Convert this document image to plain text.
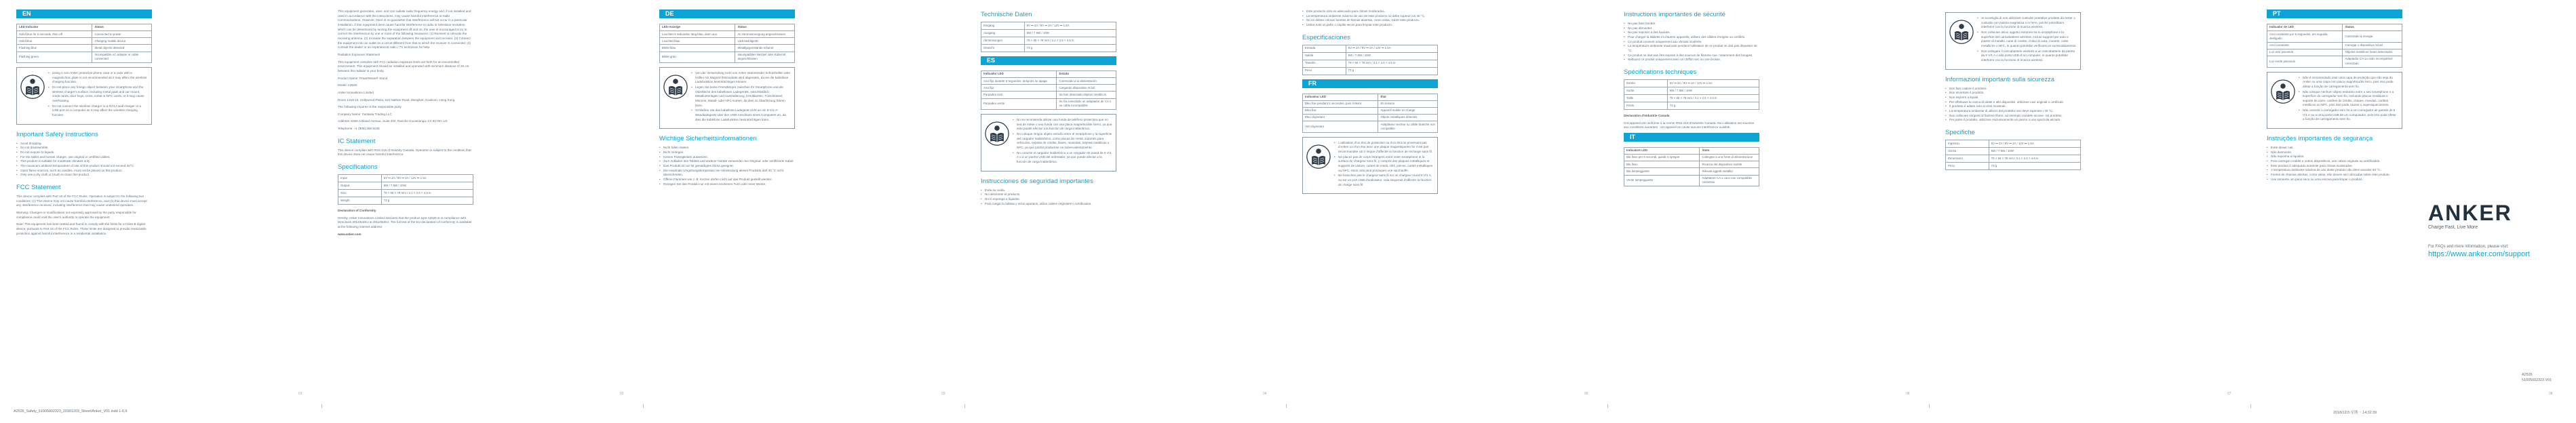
EN
LED Indicator	Status
Solid blue for 5 seconds, then off	Connected to power
Solid blue	Charging mobile device
Flashing blue	Metal objects detected
Flashing green	Incompatible AC adapter or cable connected
• Using a non-Anker protective phone case or a case with a magnetic/iron plate is not recommended as it may affect the wireless charging function.
• Do not place any foreign object between your smartphone and the wireless charger's surface, including metal pads and car mount, credit cards, door keys, coins, metal or NFC cards, or it may cause overheating.
• Do not connect the wireless charger to a 5V/1A wall charger or a USB port on a computer as it may affect the wireless charging function.
Important Safety Instructions
• Avoid dropping.
• Do not disassemble.
• Do not expose to liquids.
• For the tablet and human charger, use original or certified cables.
• This product is suitable for moderate climates only.
• The maximum ambient temperature of use of this product should not exceed 40°C.
• Open flame sources, such as candles, must not be placed on this product.
• Only use a dry cloth or brush to clean this product.
FCC Statement

This device complies with Part 15 of the FCC Rules. Operation is subject to the following two conditions: (1) This device may not cause harmful interference, and (2) this device must accept any interference received, including interference that may cause undesired operation.

Warning: Changes or modifications not expressly approved by the party responsible for compliance could void the user's authority to operate the equipment.

Note: This equipment has been tested and found to comply with the limits for a Class B digital device, pursuant to Part 15 of the FCC Rules. These limits are designed to provide reasonable protection against harmful interference in a residential installation.

01

This equipment generates, uses, and can radiate radio frequency energy and, if not installed and used in accordance with the instructions, may cause harmful interference to radio communications. However, there is no guarantee that interference will not occur in a particular installation. If this equipment does cause harmful interference to radio or television reception, which can be determined by turning the equipment off and on, the user is encouraged to try to correct the interference by one or more of the following measures: (1) Reorient or relocate the receiving antenna. (2) Increase the separation between the equipment and receiver. (3) Connect the equipment into an outlet on a circuit different from that to which the receiver is connected. (4) Consult the dealer or an experienced radio / TV technician for help.

Radiation Exposure Statement

This equipment complies with FCC radiation exposure limits set forth for an uncontrolled environment. This equipment should be installed and operated with minimum distance of 20 cm between the radiator & your body.

Product Name: PowerWave® Stand

Model: A2526

Anker Innovations Limited

Room 1318-19, Hollywood Plaza, 610 Nathan Road, Mongkok, Kowloon, Hong Kong

The following importer is the responsible party.

Company Name: Fantasia Trading LLC

Address: 5350 Ackland Avenue, Suite 202, Rancho Cucamonga, CA 91730, US

Telephone: +1 (909) 368-8226

IC Statement

This device complies with RSS-216 of Industry Canada. Operation is subject to the condition that this device does not cause harmful interference.

Specifications
Input	5V ⎓ 2A / 9V ⎓ 2A / 12V ⎓ 1.5A
Output	5W / 7.5W / 10W
Size	78 × 65 × 78 mm / 3.1 × 2.6 × 4.6 in
Weight	73 g

Declaration of Conformity

Hereby, Anker Innovations Limited declares that the product type A2526 is in compliance with Directives 2014/53/EU & 2011/65/EU. The full text of the EU declaration of conformity is available at the following internet address:

www.anker.com

02
DE
LED-Anzeige	Status
Leuchtet 5 Sekunden lang blau, dann aus	An Stromversorgung angeschlossen
Leuchtet blau	Lädt Mobilgerät
Blinkt blau	Metallgegenstände erkannt
Blinkt grün	Inkompatibles Netzteil oder Kabel ist angeschlossen
• Von der Verwendung nicht von Anker stammender Schutzhüllen oder Hüllen mit Magnet-/Eisenplatte wird abgeraten, da sie die kabellose Ladefunktion beeinträchtigen können.
• Legen Sie keine Fremdkörper zwischen Ihr Smartphone und die Oberfläche des kabellosen Ladegeräts, einschließlich Metallunterlagen und Autohalterung, Kreditkarten, Türschlüssel, Münzen, Metall- oder NFC-Karten, da dies zu Überhitzung führen kann.
• Schließen Sie das kabellose Ladegerät nicht an ein 5-V/1-A-Wandladegerät oder den USB-Anschluss eines Computers an, da dies die kabellose Ladefunktion beeinträchtigen kann.
Wichtige Sicherheitsinformationen
• Nicht fallen lassen.
• Nicht zerlegen.
• Keinen Flüssigkeiten aussetzen.
• Zum Aufladen des Tablets und anderer Geräte verwenden Sie Original- oder zertifizierte Kabel.
• Das Produkt ist nur für gemäßigtes Klima geeignet.
• Die maximale Umgebungstemperatur bei Verwendung dieses Produkts darf 40 °C nicht überschreiten.
• Offene Flammen wie z. B. Kerzen dürfen nicht auf das Produkt gestellt werden.
• Reinigen Sie das Produkt nur mit einem trockenen Tuch oder einer Bürste.
03
Technische Daten
Eingang	5V ⎓ 2A / 9V ⎓ 2A / 12V ⎓ 1.5A
Ausgang	5W / 7.5W / 10W
Abmessungen	78 × 65 × 78 mm / 3.1 × 2.6 × 4.6 in
Gewicht	73 g
ES
Indicador LED	Estado
Azul fijo durante 5 segundos, después se apaga	Conectado a la alimentación
Azul fijo	Cargando dispositivo móvil
Parpadeo azul	Se han detectado objetos metálicos
Parpadeo verde	Se ha conectado un adaptador de CA o un cable incompatible
• No se recomienda utilizar una funda de teléfono protectora que no sea de Anker o una funda con una placa magnética/de hierro, ya que esto puede afectar a la función de carga inalámbrica.
• No coloque ningún objeto extraño entre el smartphone y la superficie del cargador inalámbrico, como placas de metal, soportes para vehículos, tarjetas de crédito, llaves, monedas, tarjetas metálicas o NFC, ya que podría producirse un sobrecalentamiento.
• No conecte el cargador inalámbrico a un cargador de pared de 5 V/1 A o a un puerto USB del ordenador, ya que puede afectar a la función de carga inalámbrica.
Instrucciones de seguridad importantes
• Evite su caída.
• No desmonte el producto.
• No lo exponga a líquidos.
• Para cargar la tableta y otros aparatos, utilice cables originales o certificados.
04
• Este producto solo es adecuado para climas moderados.
• La temperatura ambiente máxima de uso de este producto no debe superar los 40 °C.
• No se deben colocar fuentes de llamas abiertas, como velas, sobre este producto.
• Utilice solo un paño o cepillo secos para limpiar este producto.
Especificaciones
Entrada	5V ⎓ 2A / 9V ⎓ 2A / 12V ⎓ 1.5A
Salida	5W / 7.5W / 10W
Tamaño	78 × 65 × 78 mm / 3.1 × 2.6 × 4.6 in
Peso	73 g
FR
Indicateur LED	État
Bleu fixe pendant 5 secondes, puis s'éteint	En tension
Bleu fixe	Appareil mobile en charge
Bleu clignotant	Objets métalliques détectés
Vert clignotant	Adaptateur secteur ou câble branché non compatible
• L'utilisation d'un étui de protection ou d'un étui ne provenant pas d'Anker ou d'un étui avec une plaque magnétique/en fer n'est pas recommandée car il risque d'affecter la fonction de recharge sans fil.
• Ne placez pas de corps étrangers entre votre smartphone et la surface du chargeur sans fil, y compris des plaques métalliques et supports de voiture, cartes de crédit, clés, pièces, cartes métalliques ou NFC, sinon cela peut provoquer une surchauffe.
• Ne branchez pas le chargeur sans fil sur un chargeur mural 5 V/1 A ou sur un port USB d'ordinateur, cela risquerait d'affecter la fonction de charge sans fil.
05
Instructions importantes de sécurité
• Ne pas faire tomber.
• Ne pas démonter.
• Ne pas exposer à des liquides.
• Pour charger la tablette et d'autres appareils, utilisez des câbles d'origine ou certifiés.
• Ce produit convient uniquement aux climats modérés.
• La température ambiante maximale pendant l'utilisation de ce produit ne doit pas dépasser 40 °C.
• Ce produit ne doit pas être exposé à des sources de flamme nue, notamment des bougies.
• Nettoyez ce produit uniquement avec un chiffon sec ou une brosse.
Spécifications techniques
Entrée	5V ⎓ 2A / 9V ⎓ 2A / 12V ⎓ 1.5A
Sortie	5W / 7.5W / 10W
Taille	78 × 65 × 78 mm / 3.1 × 2.6 × 4.6 in
Poids	73 g

Déclaration d'Industrie Canada

Cet appareil est conforme à la norme RSS-216 d'Industrie Canada. Son utilisation est soumise aux conditions suivantes : cet appareil ne cause aucune interférence nuisible.

IT
Indicatore LED	Stato
Blu fisso per 5 secondi, quindi si spegne	Collegato a una fonte di alimentazione
Blu fisso	Ricarica del dispositivo mobile
Blu lampeggiante	Rilevati oggetti metallici
Verde lampeggiante	Adattatore CA o cavo non compatibile connesso
06
• Si sconsiglia di non utilizzare custodie protettive prodotte da Anker o custodie con piastra magnetica o in ferro, poiché potrebbero interferire con la funzione di ricarica wireless.
• Non collocare alcun oggetto estraneo tra lo smartphone e la superficie del caricabatterie wireless, inclusi supporti per auto e piastre di metallo, carte di credito, chiavi di casa, monete, carte metalliche o NFC, in quanto potrebbe verificarsi un surriscaldamento.
• Non collegare il caricabatterie wireless a un caricabatterie da parete da 5 V/1 A o alla porta USB di un computer, in quanto potrebbe interferire con la funzione di ricarica wireless.
Informazioni importanti sulla sicurezza
• Non fare cadere il prodotto.
• Non smontare il prodotto.
• Non esporre a liquidi.
• Per effettuare la carica di tablet e altri dispositivi, utilizzare cavi originali o certificati.
• Il prodotto è adatto solo ai climi moderati.
• La temperatura ambiente di utilizzo del prodotto non deve superare i 40 °C.
• Non collocare sorgenti di fiamme libere, ad esempio candele accese, sul prodotto.
• Per pulire il prodotto, utilizzare esclusivamente un panno o una spazzola asciutti.
Specifiche
Ingresso	5V ⎓ 2A / 9V ⎓ 2A / 12V ⎓ 1.5A
Uscita	5W / 7.5W / 10W
Dimensioni	78 × 65 × 78 mm / 3.1 × 2.6 × 4.6 in
Peso	73 g
07
PT
Indicador de LED	Status
Azul constante por 5 segundos, em seguida, desligado	Conectado à energia
Azul constante	Carregar o dispositivo móvel
Luz azul piscando	Objetos metálicos foram detectados
Luz verde piscando	Adaptador CA ou cabo incompatível conectado
• Não é recomendado usar uma capa de proteção que não seja da Anker ou uma capa com placa magnética/de ferro, pois isso pode afetar a função de carregamento sem fio.
• Não coloque nenhum objeto estranho entre o seu smartphone e a superfície do carregador sem fio, incluindo placas metálicas e suporte de carro, cartões de crédito, chaves, moedas, cartões metálicos ou NFC, pois isso pode causar o superaquecimento.
• Não conecte o carregador sem fio a um carregador de parede de 5 V/1 A ou a uma porta USB de um computador, pois isso pode afetar a função de carregamento sem fio.
Instruções importantes de segurança
• Evite deixar cair.
• Não desmonte.
• Não exponha a líquidos.
• Para carregar o tablet e outros dispositivos, use cabos originais ou certificados.
• Este produto é adequado somente para climas moderados.
• A temperatura ambiente máxima de uso deste produto não deve exceder 40 °C.
• Fontes de chamas abertas, como velas, não devem ser colocadas sobre este produto.
• Use somente um pano seco ou uma escova para limpar o produto.
ANKER
Charge Fast, Live More
For FAQs and more information, please visit:
https://www.anker.com/support
A2526
51005002323 V01
08
A2526_Safety_51005002323_20181203_Sheet/Anker_V01.indd 1-6,9	2018/12/3 星期一 14:32:39
